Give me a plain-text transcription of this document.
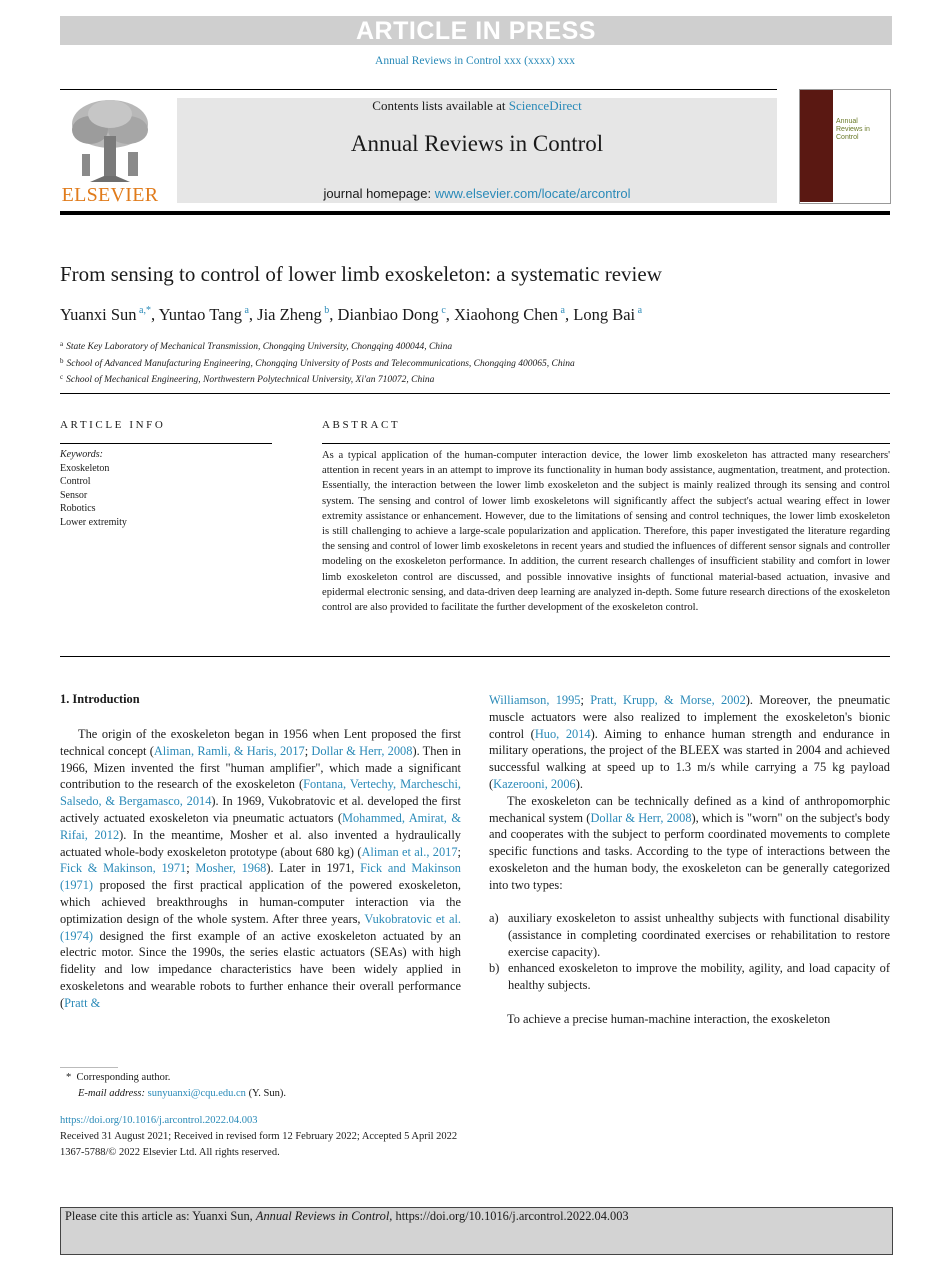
ARTICLE IN PRESS
Annual Reviews in Control xxx (xxxx) xxx
ELSEVIER
Contents lists available at ScienceDirect
Annual Reviews in Control
journal homepage: www.elsevier.com/locate/arcontrol
Annual
Reviews in
Control
From sensing to control of lower limb exoskeleton: a systematic review
Yuanxi Sun $^{a,*}$, Yuntao Tang $^a$, Jia Zheng $^b$, Dianbiao Dong $^c$, Xiaohong Chen $^a$, Long Bai $^a$
$^a$ State Key Laboratory of Mechanical Transmission, Chongqing University, Chongqing 400044, China
$^b$ School of Advanced Manufacturing Engineering, Chongqing University of Posts and Telecommunications, Chongqing 400065, China
$^c$ School of Mechanical Engineering, Northwestern Polytechnical University, Xi'an 710072, China
ARTICLE INFO	ABSTRACT
Keywords:
Exoskeleton
Control
Sensor
Robotics
Lower extremity
As a typical application of the human-computer interaction device, the lower limb exoskeleton has attracted many researchers' attention in recent years in an attempt to improve its functionality in human body assistance, augmentation, treatment, and protection. Essentially, the interaction between the lower limb exoskeleton and the subject is mainly realized through its sensing and control system. The sensing and control of lower limb exoskeletons will significantly affect the subject's actual wearing effect in lower extremity assistance or enhancement. However, due to the limitations of sensing and control techniques, the lower limb exoskeleton is still challenging to achieve a large-scale popularization and application. Therefore, this paper investigated the literature regarding the sensing and control of lower limb exoskeletons in recent years and studied the influences of different sensor signals and controller modeling on the exoskeleton performance. In addition, the current research challenges of insufficient stability and comfort in lower limb exoskeleton control are discussed, and possible innovative insights of functional material-based actuation, invasive and epidermal electronic sensing, and data-driven deep learning are analyzed in-depth. Some future research directions of the exoskeleton control are also provided to facilitate the further development of the exoskeleton control.
1. Introduction
The origin of the exoskeleton began in 1956 when Lent proposed the first technical concept (Aliman, Ramli, & Haris, 2017; Dollar & Herr, 2008). Then in 1966, Mizen invented the first "human amplifier", which made a significant contribution to the research of the exoskeleton (Fontana, Vertechy, Marcheschi, Salsedo, & Bergamasco, 2014). In 1969, Vukobratovic et al. developed the first actively actuated exoskeleton via pneumatic actuators (Mohammed, Amirat, & Rifai, 2012). In the meantime, Mosher et al. also invented a hydraulically actuated whole-body exoskeleton prototype (about 680 kg) (Aliman et al., 2017; Fick & Makinson, 1971; Mosher, 1968). Later in 1971, Fick and Makinson (1971) proposed the first practical application of the powered exoskeleton, which achieved breakthroughs in human-computer interaction via the optimization design of the whole system. After three years, Vukobratovic et al. (1974) designed the first example of an active exoskeleton actuated by an electric motor. Since the 1990s, the series elastic actuators (SEAs) with high fidelity and low impedance characteristics have been widely applied in exoskeletons and wearable robots to further enhance their overall performance (Pratt &

Williamson, 1995; Pratt, Krupp, & Morse, 2002). Moreover, the pneumatic muscle actuators were also realized to implement the exoskeleton's bionic control (Huo, 2014). Aiming to enhance human strength and endurance in military operations, the project of the BLEEX was started in 2004 and achieved successful walking at speed up to 1.3 m/s while carrying a 75 kg payload (Kazerooni, 2006).

The exoskeleton can be technically defined as a kind of anthropomorphic mechanical system (Dollar & Herr, 2008), which is "worn" on the subject's body and cooperates with the subject to perform coordinated movements to complete specific functions and tasks. According to the type of interactions between the exoskeleton and the human body, the exoskeleton can be generally categorized into two types:

a) auxiliary exoskeleton to assist unhealthy subjects with functional disability (assistance in completing coordinated exercises or rehabilitation to restore exercise capacity).
b) enhanced exoskeleton to improve the mobility, agility, and load capacity of healthy subjects.
To achieve a precise human-machine interaction, the exoskeleton
* Corresponding author.
E-mail address: sunyuanxi@cqu.edu.cn (Y. Sun).
https://doi.org/10.1016/j.arcontrol.2022.04.003
Received 31 August 2021; Received in revised form 12 February 2022; Accepted 5 April 2022
1367-5788/© 2022 Elsevier Ltd. All rights reserved.
Please cite this article as: Yuanxi Sun, Annual Reviews in Control, https://doi.org/10.1016/j.arcontrol.2022.04.003
